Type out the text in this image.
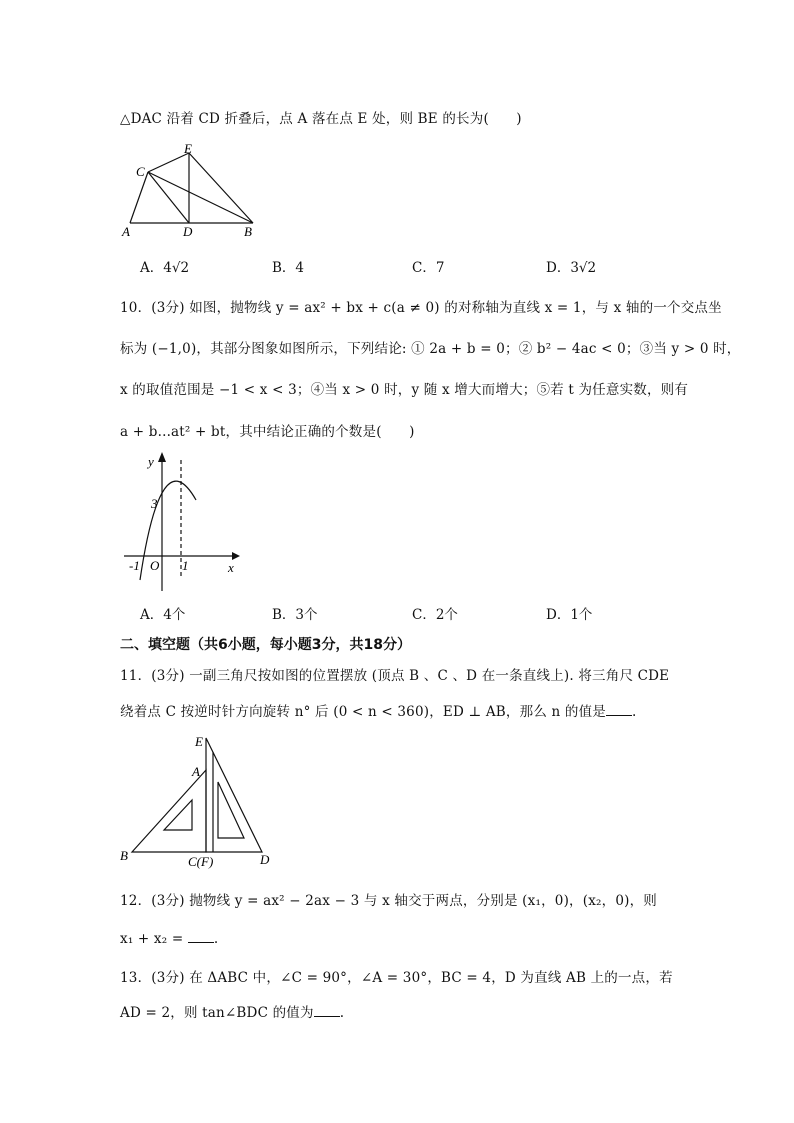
△DAC 沿着 CD 折叠后，点 A 落在点 E 处，则 BE 的长为(　　)
C
E
A	D	B
A．4√2	B．4	C．7	D．3√2
10．(3分) 如图，抛物线 y = ax² + bx + c(a ≠ 0) 的对称轴为直线 x = 1，与 x 轴的一个交点坐
标为 (−1,0)，其部分图象如图所示，下列结论: ① 2a + b = 0；② b² − 4ac < 0；③当 y > 0 时，
x 的取值范围是 −1 < x < 3；④当 x > 0 时，y 随 x 增大而增大；⑤若 t 为任意实数，则有
a + b...at² + bt，其中结论正确的个数是(　　)
y
x
3
-1 O 1
A．4个	B．3个	C．2个	D．1个
二、填空题（共6小题，每小题3分，共18分）
11．(3分) 一副三角尺按如图的位置摆放 (顶点 B 、C 、D 在一条直线上). 将三角尺 CDE
绕着点 C 按逆时针方向旋转 n° 后 (0 < n < 360)，ED ⊥ AB，那么 n 的值是 .
E
A
B	C(F)	D
12．(3分) 抛物线 y = ax² − 2ax − 3 与 x 轴交于两点，分别是 (x₁，0)，(x₂，0)，则
x₁ + x₂ = .
13．(3分) 在 ΔABC 中，∠C = 90°，∠A = 30°，BC = 4，D 为直线 AB 上的一点，若
AD = 2，则 tan∠BDC 的值为 .
